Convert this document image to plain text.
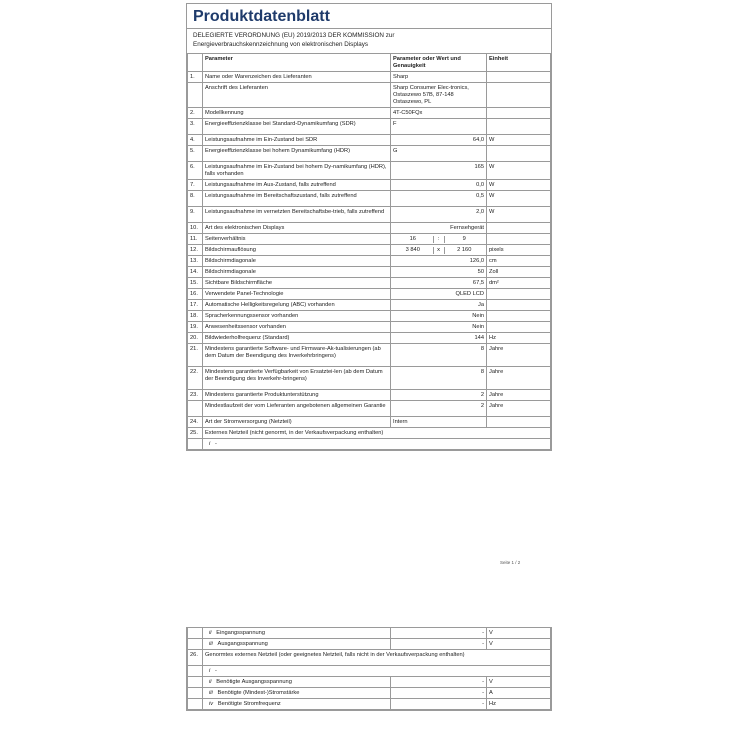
Produktdatenblatt
DELEGIERTE VERORDNUNG (EU) 2019/2013 DER KOMMISSION zur
Energieverbrauchskennzeichnung von elektronischen Displays
	Parameter	Parameter oder Wert und Genauigkeit	Einheit
1.	Name oder Warenzeichen des Lieferanten	Sharp	
	Anschrift des Lieferanten	Sharp Consumer Elec-tronics, Ostaszewo 57B, 87-148 Ostaszewo, PL	
2.	Modellkennung	4T-C50FQx	
3.	Energieeffizienzklasse bei Standard-Dynamikumfang (SDR)	F	
4.	Leistungsaufnahme im Ein-Zustand bei SDR	64,0	W
5.	Energieeffizienzklasse bei hohem Dynamikumfang (HDR)	G	
6.	Leistungsaufnahme im Ein-Zustand bei hohem Dy-namikumfang (HDR), falls vorhanden	165	W
7.	Leistungsaufnahme im Aus-Zustand, falls zutreffend	0,0	W
8.	Leistungsaufnahme im Bereitschaftszustand, falls zutreffend	0,5	W
9.	Leistungsaufnahme im vernetzten Bereitschaftsbe-trieb, falls zutreffend	2,0	W
10.	Art des elektronischen Displays	Fernsehgerät	
11.	Seitenverhältnis	16 : 9	

12.	Bildschirmauflösung	3 840 x 2 160	pixels
13.	Bildschirmdiagonale	126,0	cm
14.	Bildschirmdiagonale	50	Zoll
15.	Sichtbare Bildschirmfläche	67,5	dm²
16.	Verwendete Panel-Technologie	QLED LCD	
17.	Automatische Helligkeitsregelung (ABC) vorhanden	Ja	
18.	Spracherkennungssensor vorhanden	Nein	
19.	Anwesenheitssensor vorhanden	Nein	
20.	Bildwiederholfrequenz (Standard)	144	Hz
21.	Mindestens garantierte Software- und Firmware-Ak-tualisierungen (ab dem Datum der Beendigung des Inverkehrbringens)	8	Jahre
22.	Mindestens garantierte Verfügbarkeit von Ersatztei-len (ab dem Datum der Beendigung des Inverkehr-bringens)	8	Jahre
23.	Mindestens garantierte Produktunterstützung	2	Jahre
	Mindestlaufzeit der vom Lieferanten angebotenen allgemeinen Garantie	2	Jahre
24.	Art der Stromversorgung (Netzteil)	Intern	
25.	Externes Netzteil (nicht genormt, in der Verkaufsverpackung enthalten)		
	i -		
Seite 1 / 2
	ii Eingangsspannung	-	V
	iii Ausgangsspannung	-	V
26.	Genormtes externes Netzteil (oder geeignetes Netzteil, falls nicht in der Verkaufsverpackung enthalten)		
	i -		
	ii Benötigte Ausgangsspannung	-	V
	iii Benötigte (Mindest-)Stromstärke	-	A
	iv Benötigte Stromfrequenz	-	Hz
